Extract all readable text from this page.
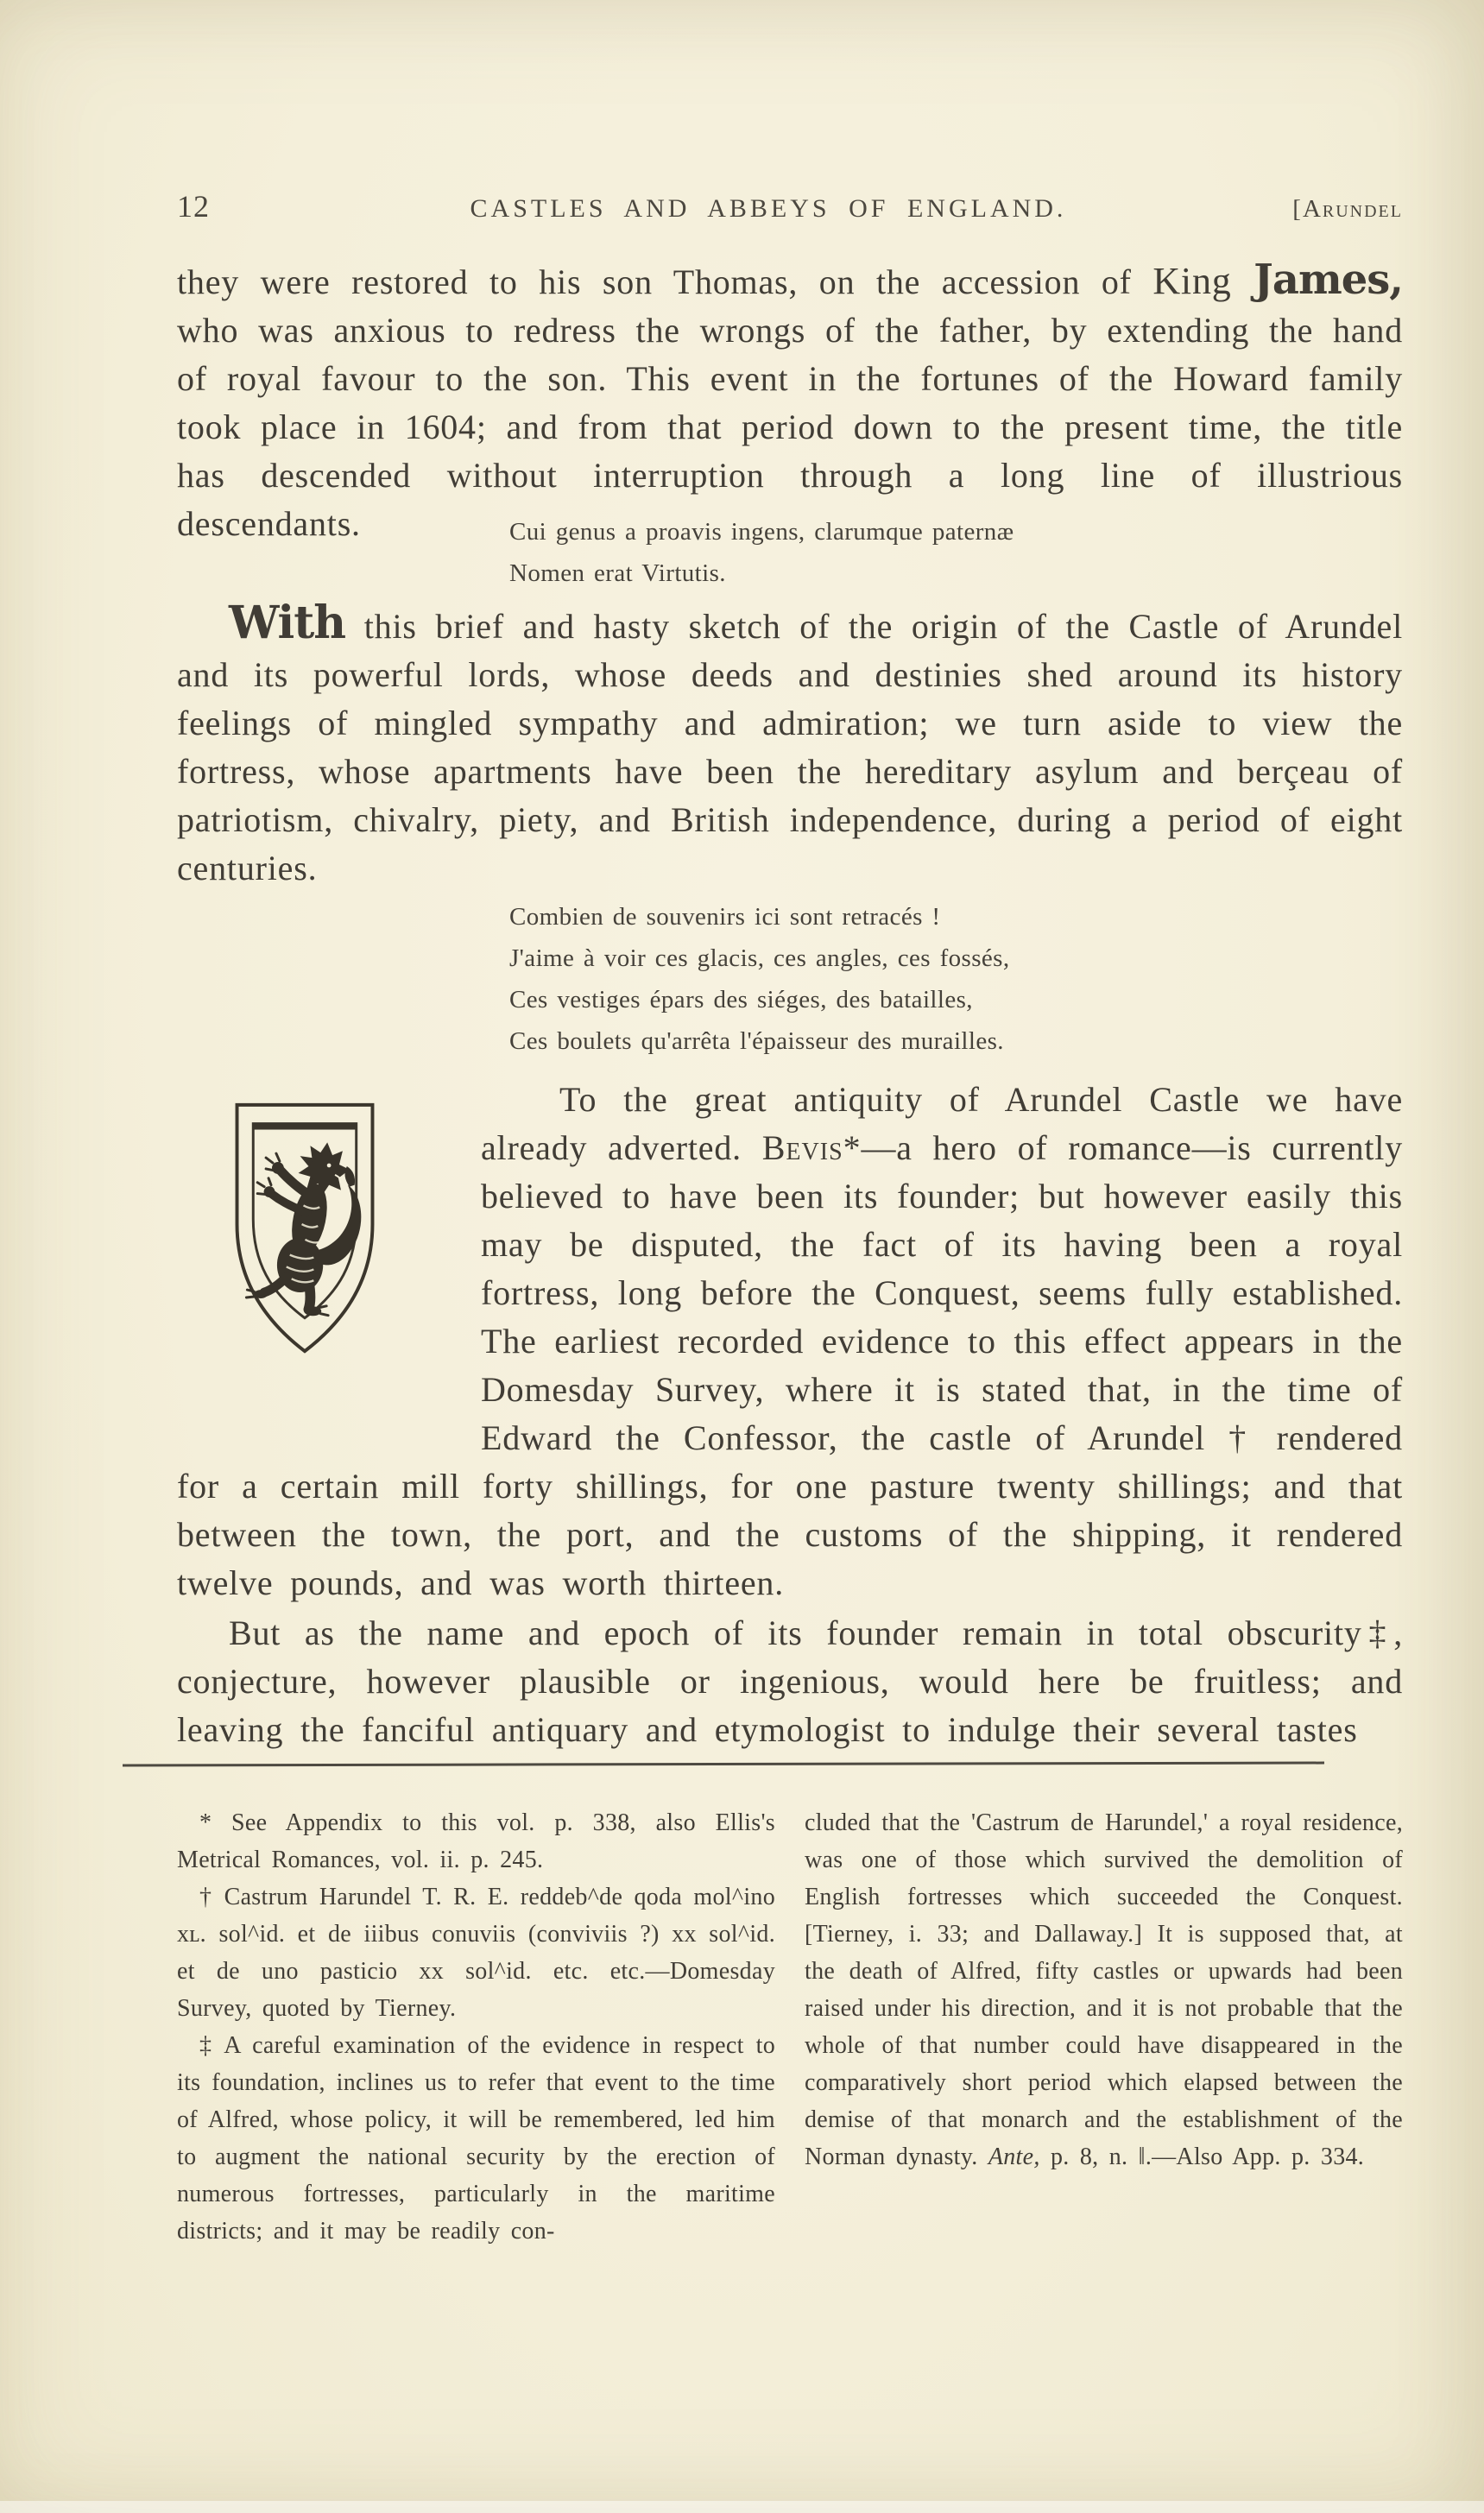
12	CASTLES AND ABBEYS OF ENGLAND.	[Arundel

they were restored to his son Thomas, on the accession of King James, who was anxious to redress the wrongs of the father, by extending the hand of royal favour to the son. This event in the fortunes of the Howard family took place in 1604; and from that period down to the present time, the title has descended without interruption through a long line of illustrious descendants.	Cui genus a proavis ingens, clarumque paternæ
Nomen erat Virtutis.

With this brief and hasty sketch of the origin of the Castle of Arundel and its powerful lords, whose deeds and destinies shed around its history feelings of mingled sympathy and admiration; we turn aside to view the fortress, whose apartments have been the hereditary asylum and berçeau of patriotism, chivalry, piety, and British independence, during a period of eight centuries.

Combien de souvenirs ici sont retracés !
J'aime à voir ces glacis, ces angles, ces fossés,
Ces vestiges épars des siéges, des batailles,
Ces boulets qu'arrêta l'épaisseur des murailles.
To the great antiquity of Arundel Castle we have already adverted. Bevis*—a hero of romance—is currently believed to have been its founder; but however easily this may be disputed, the fact of its having been a royal fortress, long before the Conquest, seems fully established. The earliest recorded evidence to this effect appears in the Domesday Survey, where it is stated that, in the time of Edward the Confessor, the castle of Arundel † rendered for a certain mill forty shillings, for one pasture twenty shillings; and that between the town, the port, and the customs of the shipping, it rendered twelve pounds, and was worth thirteen.

But as the name and epoch of its founder remain in total obscurity‡, conjecture, however plausible or ingenious, would here be fruitless; and leaving the fanciful antiquary and etymologist to indulge their several tastes

* See Appendix to this vol. p. 338, also Ellis's Metrical Romances, vol. ii. p. 245.

† Castrum Harundel T. R. E. reddeb^de qoda mol^ino xʟ. sol^id. et de iiibus conuviis (conviviis ?) xx sol^id. et de uno pasticio xx sol^id. etc. etc.—Domesday Survey, quoted by Tierney.

‡ A careful examination of the evidence in respect to its foundation, inclines us to refer that event to the time of Alfred, whose policy, it will be remembered, led him to augment the national security by the erection of numerous fortresses, particularly in the maritime districts; and it may be readily con-

cluded that the 'Castrum de Harundel,' a royal residence, was one of those which survived the demolition of English fortresses which succeeded the Conquest. [Tierney, i. 33; and Dallaway.] It is supposed that, at the death of Alfred, fifty castles or upwards had been raised under his direction, and it is not probable that the whole of that number could have disappeared in the comparatively short period which elapsed between the demise of that monarch and the establishment of the Norman dynasty. Ante, p. 8, n. ‖.—Also App. p. 334.
